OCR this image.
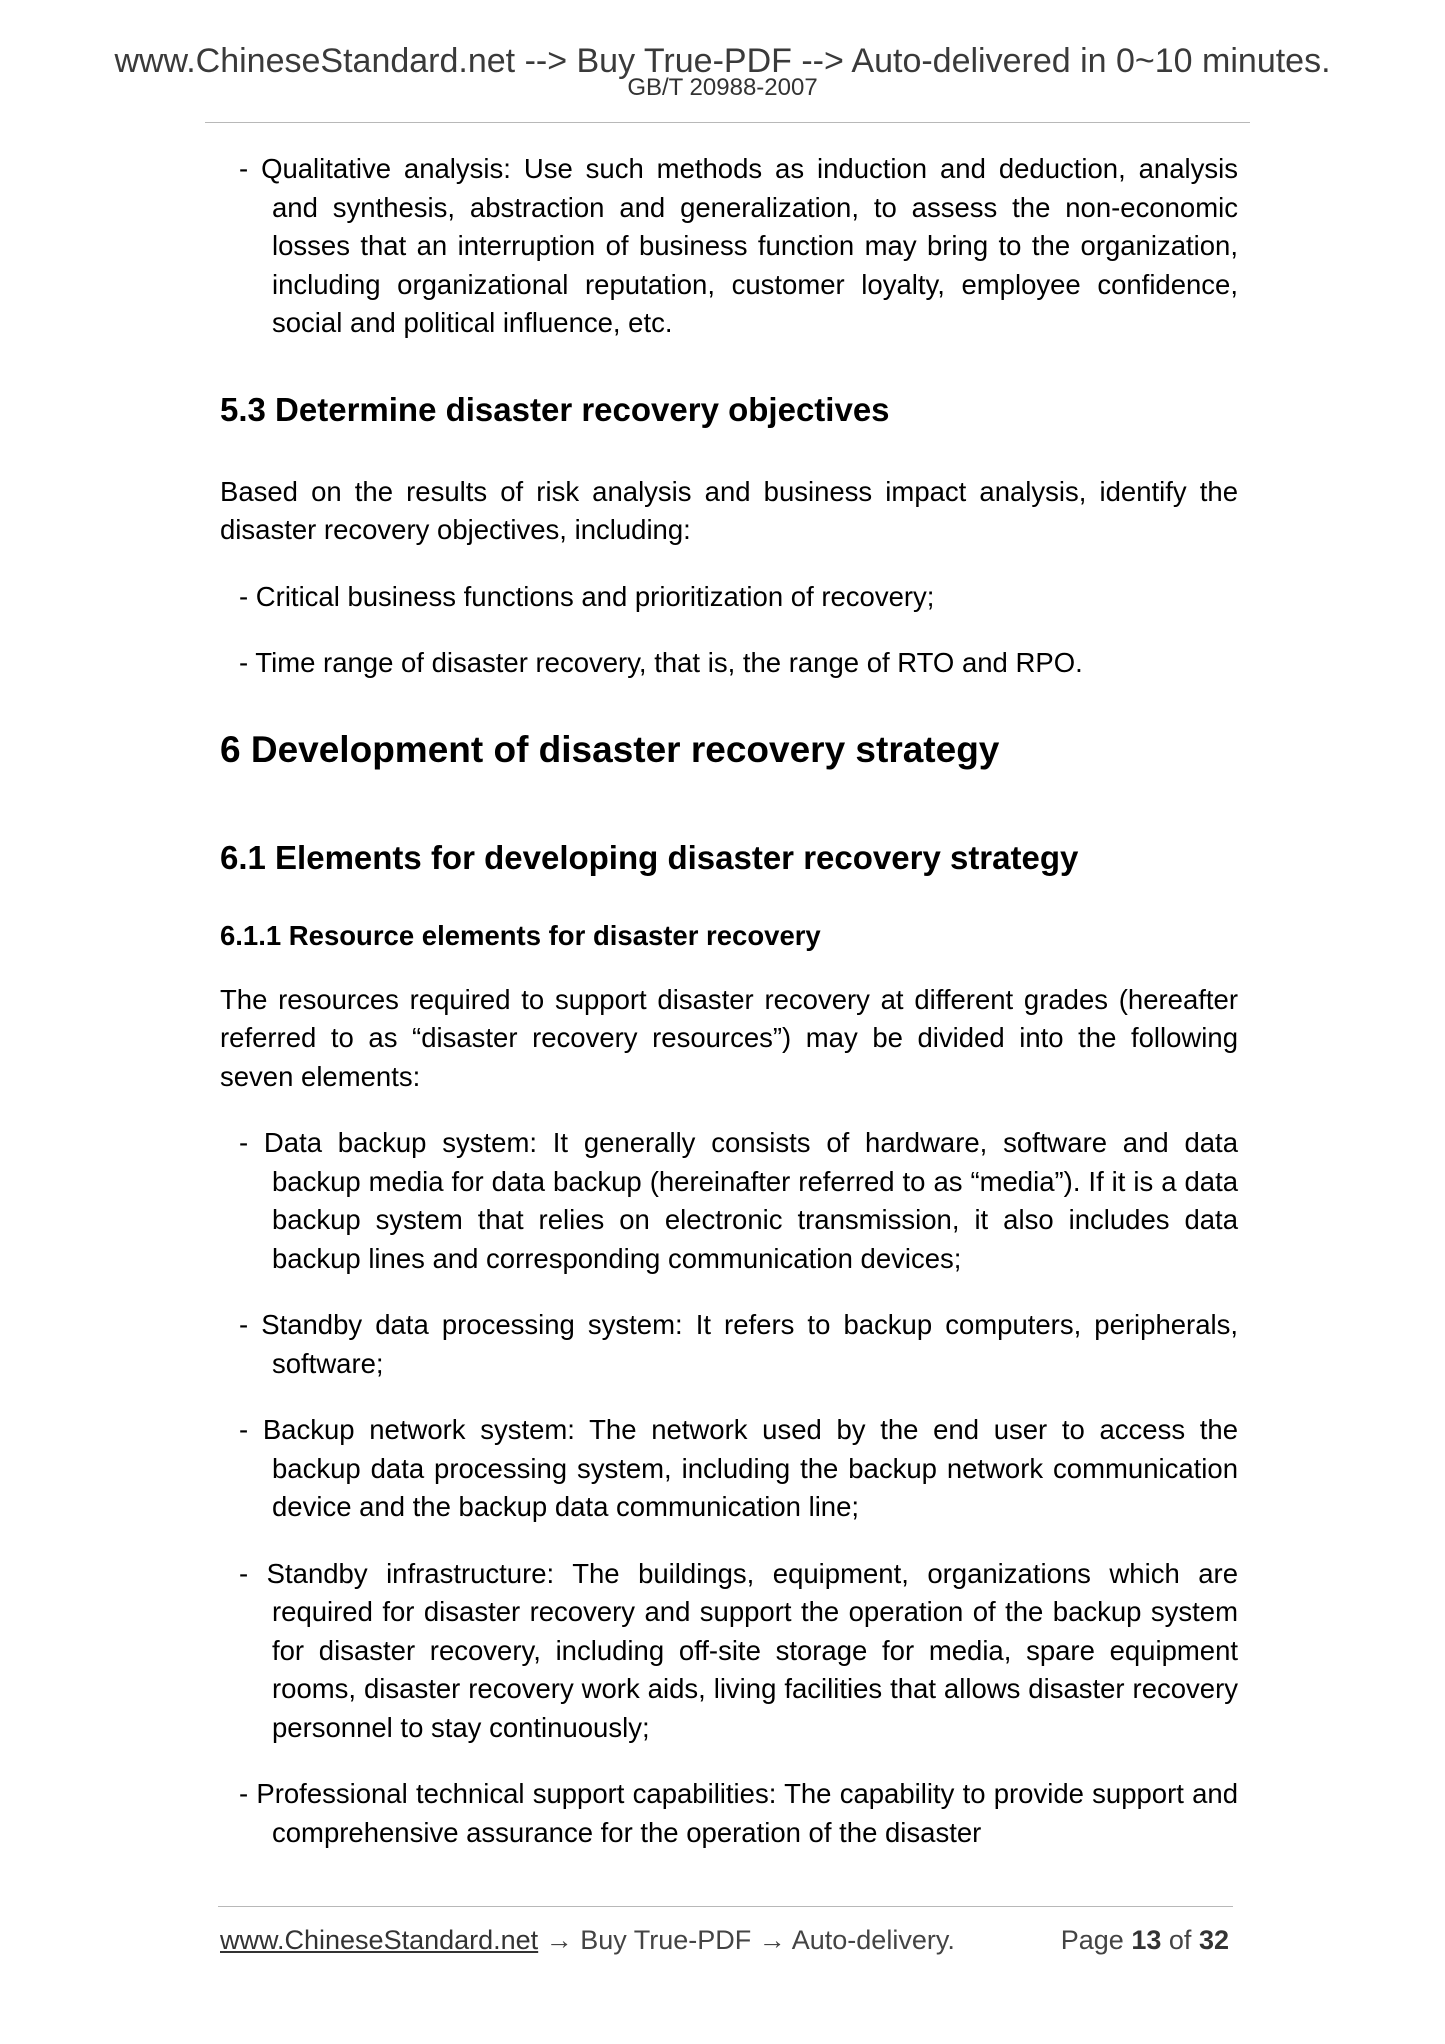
www.ChineseStandard.net --> Buy True-PDF --> Auto-delivered in 0~10 minutes.
GB/T 20988-2007

- Qualitative analysis: Use such methods as induction and deduction, analysis and synthesis, abstraction and generalization, to assess the non-economic losses that an interruption of business function may bring to the organization, including organizational reputation, customer loyalty, employee confidence, social and political influence, etc.

5.3 Determine disaster recovery objectives

Based on the results of risk analysis and business impact analysis, identify the disaster recovery objectives, including:

- Critical business functions and prioritization of recovery;

- Time range of disaster recovery, that is, the range of RTO and RPO.

6 Development of disaster recovery strategy
6.1 Elements for developing disaster recovery strategy
6.1.1 Resource elements for disaster recovery

The resources required to support disaster recovery at different grades (hereafter referred to as “disaster recovery resources”) may be divided into the following seven elements:

- Data backup system: It generally consists of hardware, software and data backup media for data backup (hereinafter referred to as “media”). If it is a data backup system that relies on electronic transmission, it also includes data backup lines and corresponding communication devices;

- Standby data processing system: It refers to backup computers, peripherals, software;

- Backup network system: The network used by the end user to access the backup data processing system, including the backup network communication device and the backup data communication line;

- Standby infrastructure: The buildings, equipment, organizations which are required for disaster recovery and support the operation of the backup system for disaster recovery, including off-site storage for media, spare equipment rooms, disaster recovery work aids, living facilities that allows disaster recovery personnel to stay continuously;

- Professional technical support capabilities: The capability to provide support and comprehensive assurance for the operation of the disaster

www.ChineseStandard.net → Buy True-PDF → Auto-delivery.	Page 13 of 32
